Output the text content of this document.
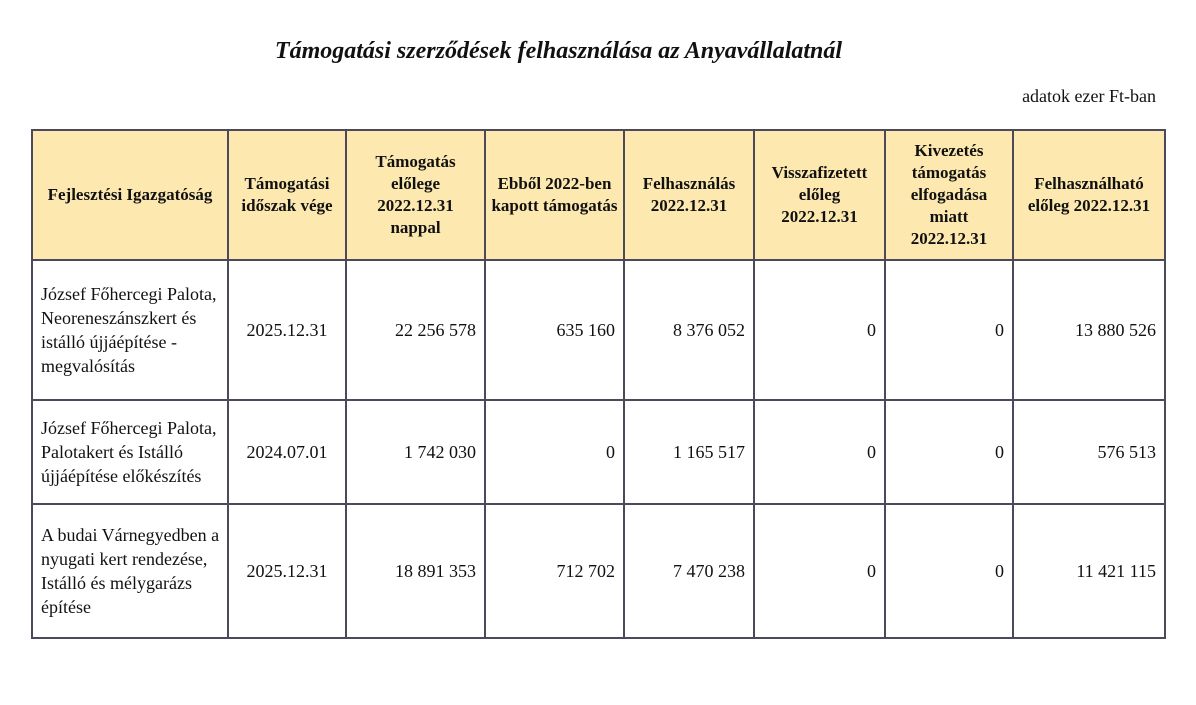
Támogatási szerződések felhasználása az Anyavállalatnál
adatok ezer Ft-ban
Fejlesztési Igazgatóság	Támogatási időszak vége	Támogatás előlege 2022.12.31 nappal	Ebből 2022-ben kapott támogatás	Felhasználás 2022.12.31	Visszafizetett előleg 2022.12.31	Kivezetés támogatás elfogadása miatt 2022.12.31	Felhasználható előleg 2022.12.31
József Főhercegi Palota, Neoreneszánszkert és istálló újjáépítése - megvalósítás	2025.12.31	22 256 578	635 160	8 376 052	0	0	13 880 526
József Főhercegi Palota, Palotakert és Istálló újjáépítése előkészítés	2024.07.01	1 742 030	0	1 165 517	0	0	576 513
A budai Várnegyedben a nyugati kert rendezése, Istálló és mélygarázs építése	2025.12.31	18 891 353	712 702	7 470 238	0	0	11 421 115
